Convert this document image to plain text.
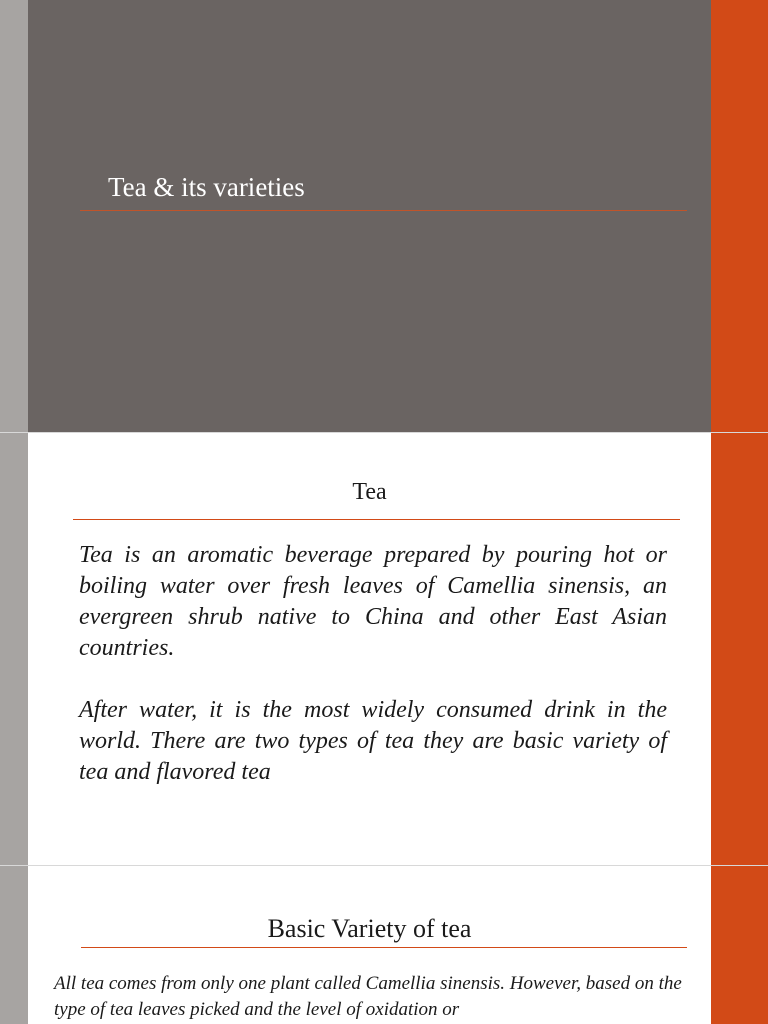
Tea & its varieties
Tea

Tea is an aromatic beverage prepared by pouring hot or boiling water over fresh leaves of Camellia sinensis, an evergreen shrub native to China and other East Asian countries.

After water, it is the most widely consumed drink in the world. There are two types of tea they are basic variety of tea and flavored tea

Basic Variety of tea
All tea comes from only one plant called Camellia sinensis. However, based on the type of tea leaves picked and the level of oxidation or
